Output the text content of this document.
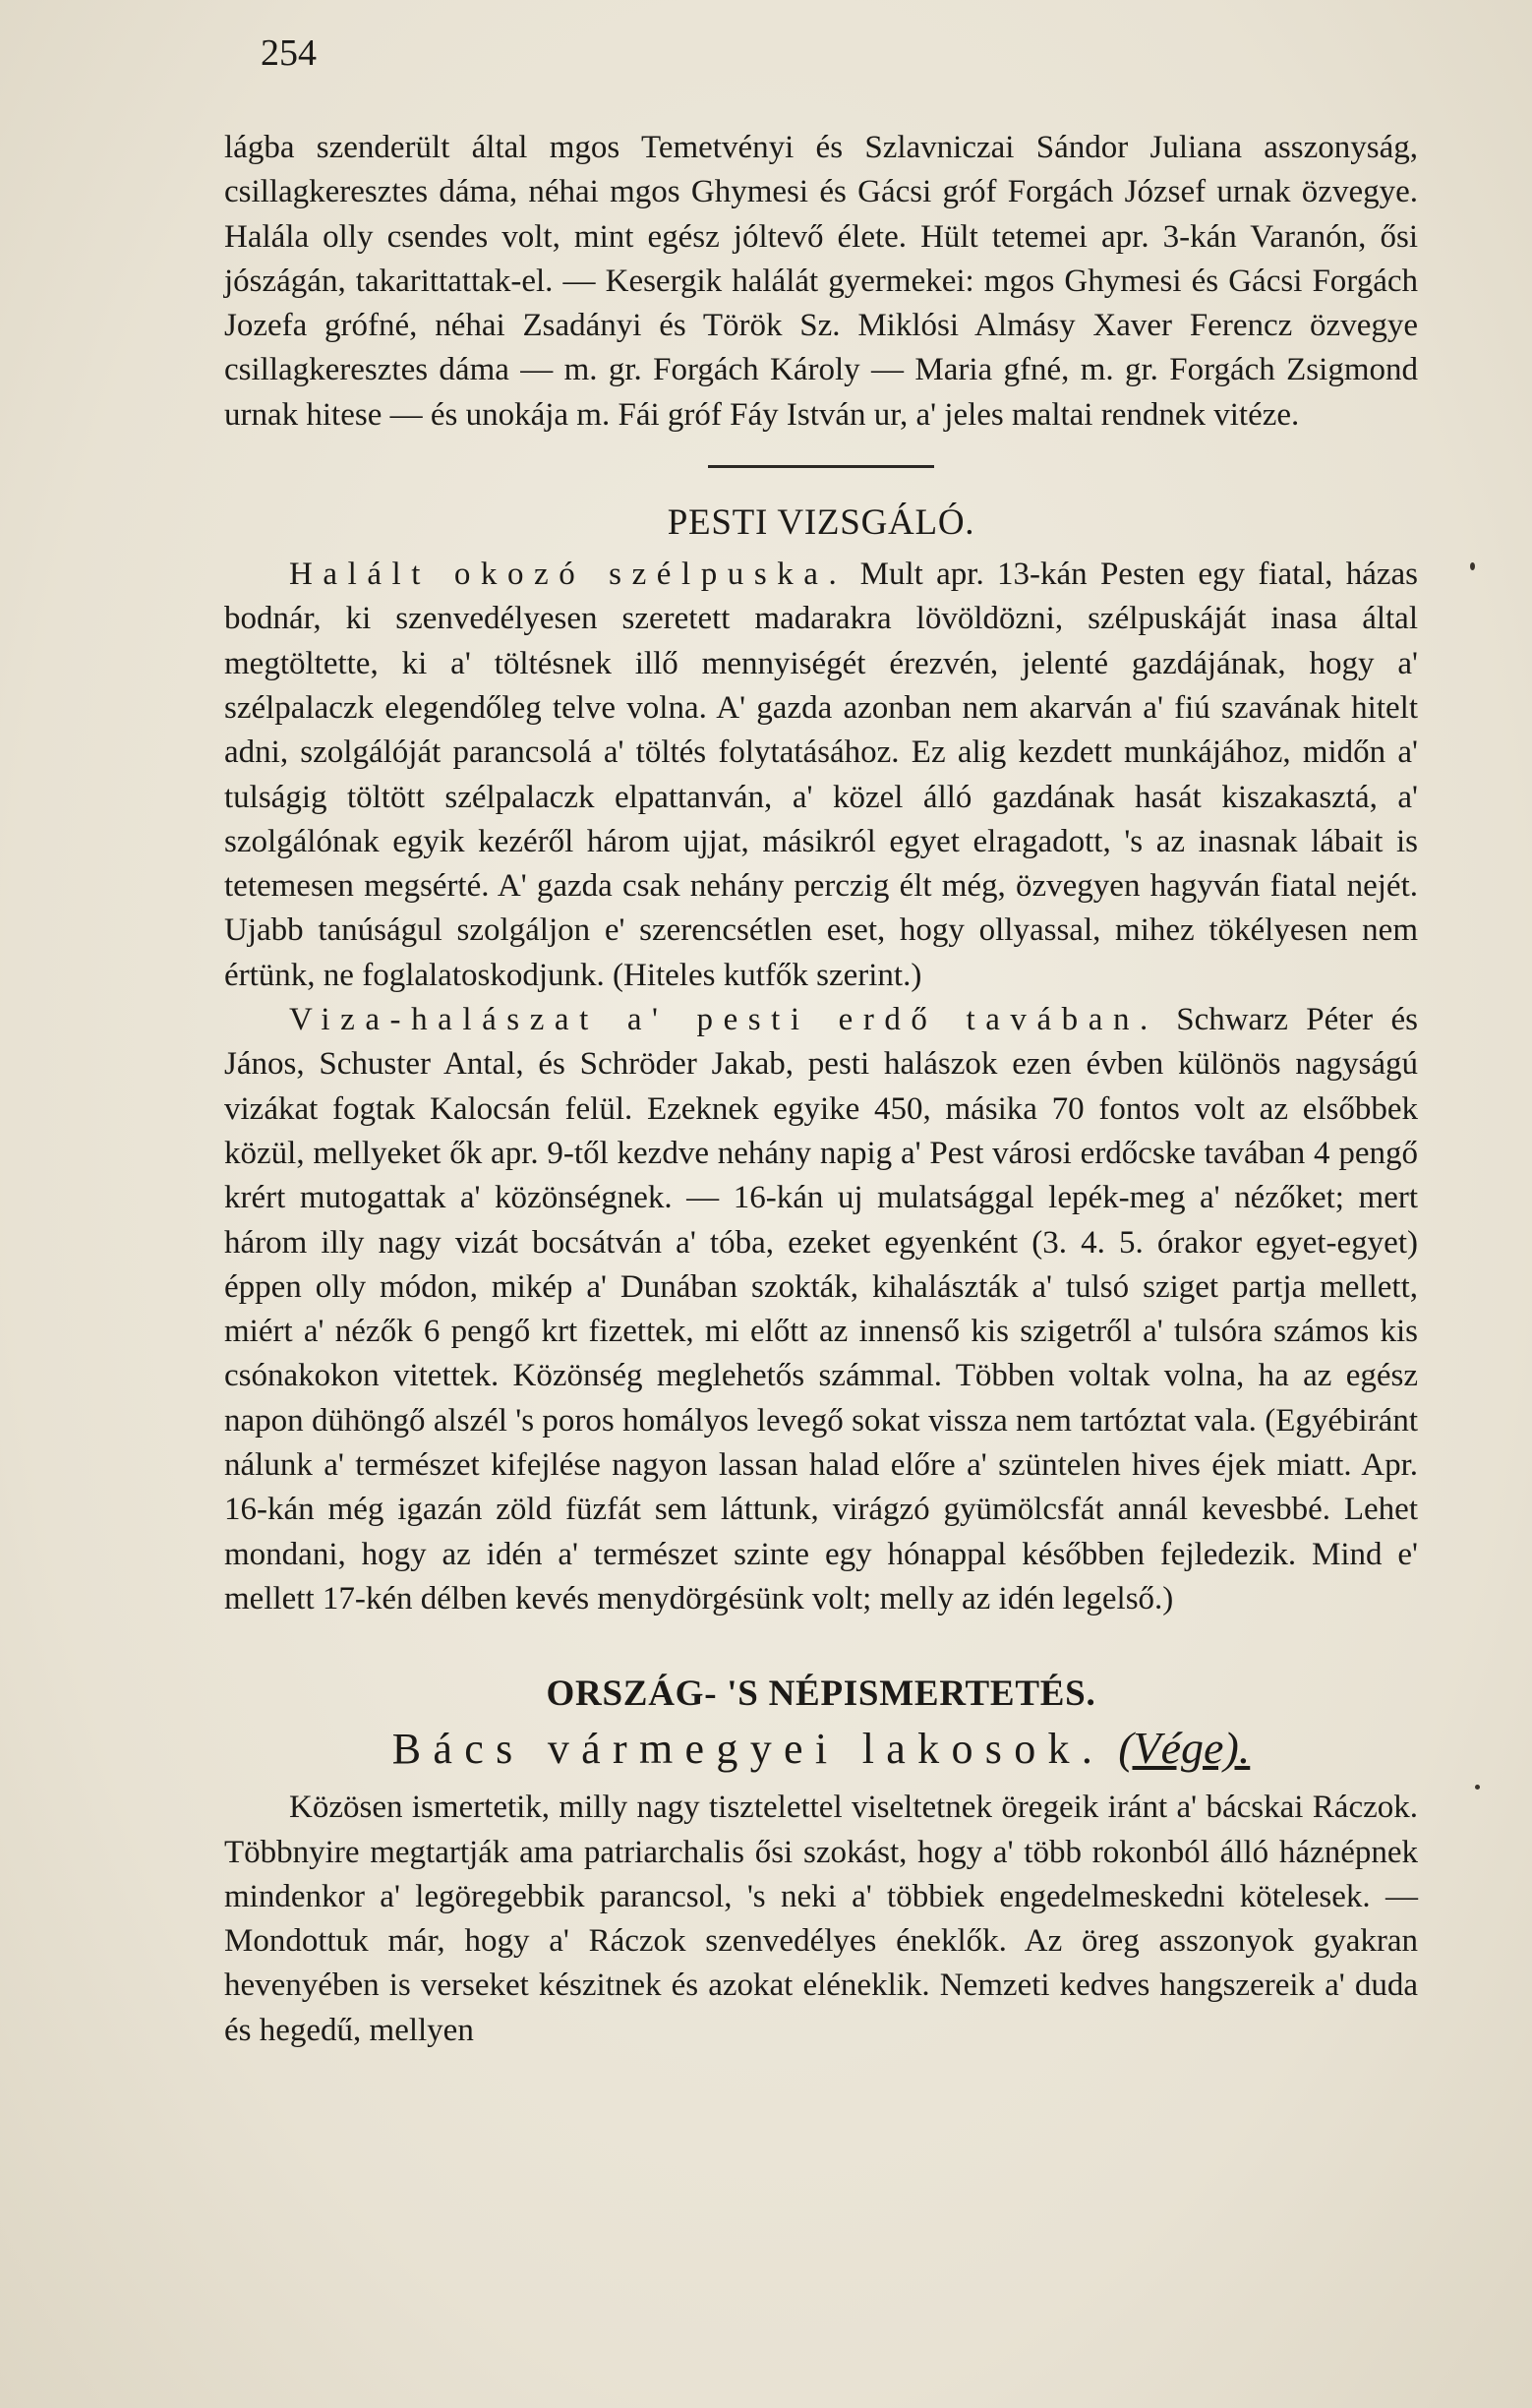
254

lágba szenderült által mgos Temetvényi és Szlavniczai Sándor Juliana asszonyság, csillagkeresztes dáma, néhai mgos Ghymesi és Gácsi gróf Forgách József urnak özvegye. Halála olly csendes volt, mint egész jóltevő élete. Hült tetemei apr. 3-kán Varanón, ősi jószágán, takarittattak-el. — Kesergik halálát gyermekei: mgos Ghymesi és Gácsi Forgách Jozefa grófné, néhai Zsadányi és Török Sz. Miklósi Almásy Xaver Ferencz özvegye csillagkeresztes dáma — m. gr. Forgách Károly — Maria gfné, m. gr. Forgách Zsigmond urnak hitese — és unokája m. Fái gróf Fáy István ur, a' jeles maltai rendnek vitéze.

PESTI VIZSGÁLÓ.

Halált okozó szélpuska. Mult apr. 13-kán Pesten egy fiatal, házas bodnár, ki szenvedélyesen szeretett madarakra lövöldözni, szélpuskáját inasa által megtöltette, ki a' töltésnek illő mennyiségét érezvén, jelenté gazdájának, hogy a' szélpalaczk elegendőleg telve volna. A' gazda azonban nem akarván a' fiú szavának hitelt adni, szolgálóját parancsolá a' töltés folytatásához. Ez alig kezdett munkájához, midőn a' tulságig töltött szélpalaczk elpattanván, a' közel álló gazdának hasát kiszakasztá, a' szolgálónak egyik kezéről három ujjat, másikról egyet elragadott, 's az inasnak lábait is tetemesen megsérté. A' gazda csak nehány perczig élt még, özvegyen hagyván fiatal nejét. Ujabb tanúságul szolgáljon e' szerencsétlen eset, hogy ollyassal, mihez tökélyesen nem értünk, ne foglalatoskodjunk. (Hiteles kutfők szerint.)

Viza-halászat a' pesti erdő tavában. Schwarz Péter és János, Schuster Antal, és Schröder Jakab, pesti halászok ezen évben különös nagyságú vizákat fogtak Kalocsán felül. Ezeknek egyike 450, másika 70 fontos volt az elsőbbek közül, mellyeket ők apr. 9-től kezdve nehány napig a' Pest városi erdőcske tavában 4 pengő krért mutogattak a' közönségnek. — 16-kán uj mulatsággal lepék-meg a' nézőket; mert három illy nagy vizát bocsátván a' tóba, ezeket egyenként (3. 4. 5. órakor egyet-egyet) éppen olly módon, mikép a' Dunában szokták, kihalászták a' tulsó sziget partja mellett, miért a' nézők 6 pengő krt fizettek, mi előtt az innenső kis szigetről a' tulsóra számos kis csónakokon vitettek. Közönség meglehetős számmal. Többen voltak volna, ha az egész napon dühöngő alszél 's poros homályos levegő sokat vissza nem tartóztat vala. (Egyébiránt nálunk a' természet kifejlése nagyon lassan halad előre a' szüntelen hives éjek miatt. Apr. 16-kán még igazán zöld füzfát sem láttunk, virágzó gyümölcsfát annál kevesbbé. Lehet mondani, hogy az idén a' természet szinte egy hónappal későbben fejledezik. Mind e' mellett 17-kén délben kevés menydörgésünk volt; melly az idén legelső.)

ORSZÁG- 'S NÉPISMERTETÉS.
Bács vármegyei lakosok. (Vége).

Közösen ismertetik, milly nagy tisztelettel viseltetnek öregeik iránt a' bácskai Ráczok. Többnyire megtartják ama patriarchalis ősi szokást, hogy a' több rokonból álló háznépnek mindenkor a' legöregebbik parancsol, 's neki a' többiek engedelmeskedni kötelesek. — Mondottuk már, hogy a' Ráczok szenvedélyes éneklők. Az öreg asszonyok gyakran hevenyében is verseket készitnek és azokat eléneklik. Nemzeti kedves hangszereik a' duda és hegedű, mellyen
